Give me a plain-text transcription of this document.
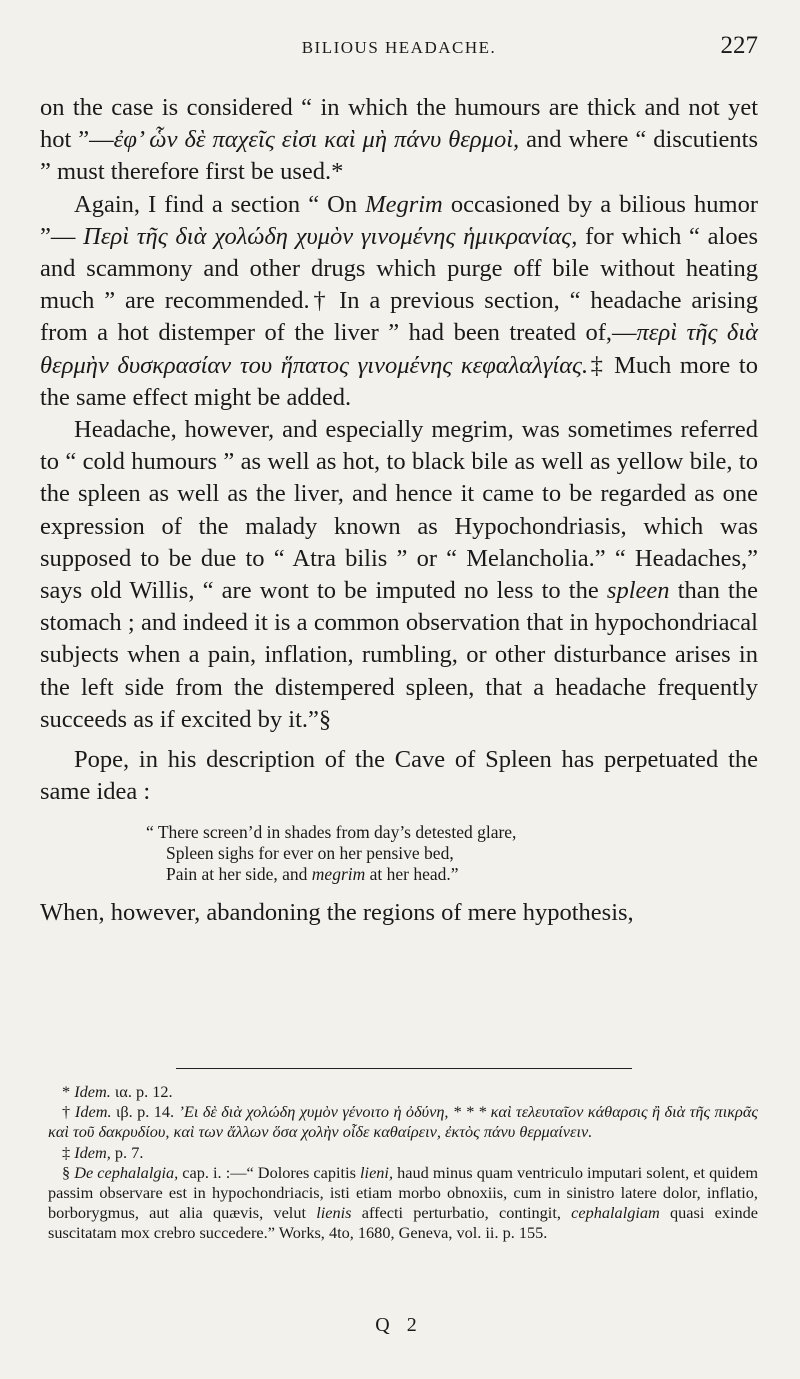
BILIOUS HEADACHE.	227

on the case is considered “ in which the humours are thick and not yet hot ”—ἐφ’ ὧν δὲ παχεῖς εἰσι καὶ μὴ πάνυ θερμοὶ, and where “ discutients ” must therefore first be used.*

Again, I find a section “ On Megrim occasioned by a bilious humor ”— Περὶ τῆς διὰ χολώδη χυμὸν γινομένης ἡμικρανίας, for which “ aloes and scammony and other drugs which purge off bile without heating much ” are recommended.† In a previous section, “ headache arising from a hot distemper of the liver ” had been treated of,—περὶ τῆς διὰ θερμὴν δυσκρασίαν του ἥπατος γινομένης κεφαλαλγίας.‡ Much more to the same effect might be added.

Headache, however, and especially megrim, was sometimes referred to “ cold humours ” as well as hot, to black bile as well as yellow bile, to the spleen as well as the liver, and hence it came to be regarded as one expression of the malady known as Hypochondriasis, which was supposed to be due to “ Atra bilis ” or “ Melancholia.” “ Headaches,” says old Willis, “ are wont to be imputed no less to the spleen than the stomach ; and indeed it is a common observation that in hypochondriacal subjects when a pain, inflation, rumbling, or other disturbance arises in the left side from the distempered spleen, that a headache frequently succeeds as if excited by it.”§

Pope, in his description of the Cave of Spleen has perpetuated the same idea :

“ There screen’d in shades from day’s detested glare,
Spleen sighs for ever on her pensive bed,
Pain at her side, and megrim at her head.”

When, however, abandoning the regions of mere hypothesis,

* Idem. ια. p. 12.

† Idem. ιβ. p. 14. ’Ει δὲ διὰ χολώδη χυμὸν γένοιτο ἡ ὀδύνη, * * * καὶ τελευταῖον κάθαρσις ἢ διὰ τῆς πικρᾶς καὶ τοῦ δακρυδίου, καὶ των ἄλλων ὅσα χολὴν οἶδε καθαίρειν, ἐκτὸς πάνυ θερμαίνειν.

‡ Idem, p. 7.

§ De cephalalgia, cap. i. :—“ Dolores capitis lieni, haud minus quam ventriculo imputari solent, et quidem passim observare est in hypochondriacis, isti etiam morbo obnoxiis, cum in sinistro latere dolor, inflatio, borborygmus, aut alia quævis, velut lienis affecti perturbatio, contingit, cephalalgiam quasi exinde suscitatam mox crebro succedere.” Works, 4to, 1680, Geneva, vol. ii. p. 155.

Q 2
